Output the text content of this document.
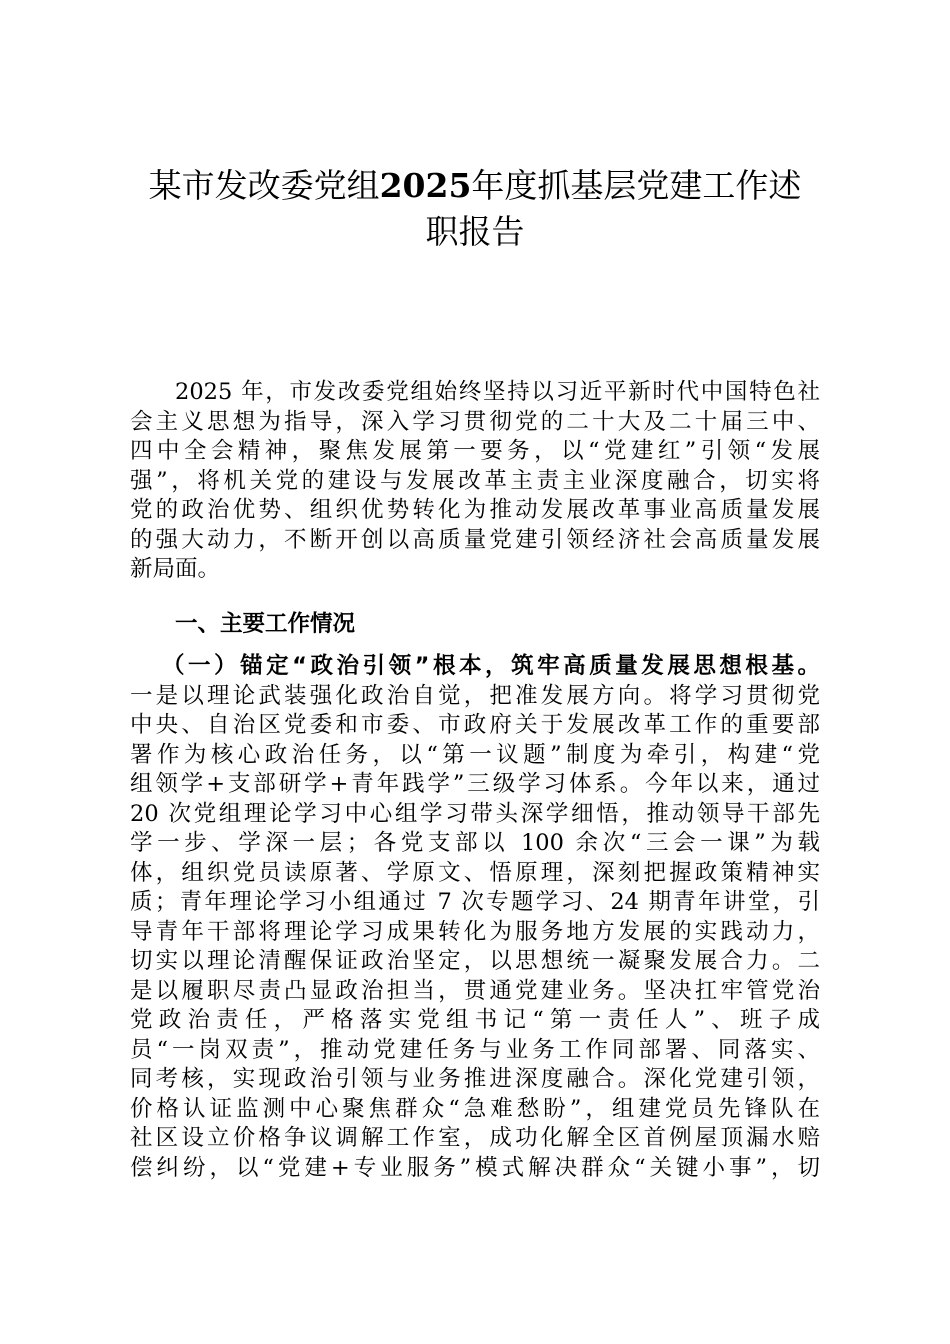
某市发改委党组2025年度抓基层党建工作述
职报告
2025 年，市发改委党组始终坚持以习近平新时代中国特色社
会主义思想为指导，深入学习贯彻党的二十大及二十届三中、
四中全会精神，聚焦发展第一要务，以“党建红”引领“发展
强”，将机关党的建设与发展改革主责主业深度融合，切实将
党的政治优势、组织优势转化为推动发展改革事业高质量发展
的强大动力，不断开创以高质量党建引领经济社会高质量发展
新局面。
一、主要工作情况
（一）锚定“政治引领”根本，筑牢高质量发展思想根基。
一是以理论武装强化政治自觉，把准发展方向。将学习贯彻党
中央、自治区党委和市委、市政府关于发展改革工作的重要部
署作为核心政治任务，以“第一议题”制度为牵引，构建“党
组领学+支部研学+青年践学”三级学习体系。今年以来，通过
20 次党组理论学习中心组学习带头深学细悟，推动领导干部先
学一步、学深一层；各党支部以 100 余次“三会一课”为载
体，组织党员读原著、学原文、悟原理，深刻把握政策精神实
质；青年理论学习小组通过 7 次专题学习、24 期青年讲堂，引
导青年干部将理论学习成果转化为服务地方发展的实践动力，
切实以理论清醒保证政治坚定，以思想统一凝聚发展合力。二
是以履职尽责凸显政治担当，贯通党建业务。坚决扛牢管党治
党政治责任，严格落实党组书记“第一责任人”、班子成
员“一岗双责”，推动党建任务与业务工作同部署、同落实、
同考核，实现政治引领与业务推进深度融合。深化党建引领，
价格认证监测中心聚焦群众“急难愁盼”，组建党员先锋队在
社区设立价格争议调解工作室，成功化解全区首例屋顶漏水赔
偿纠纷，以“党建+专业服务”模式解决群众“关键小事”，切
